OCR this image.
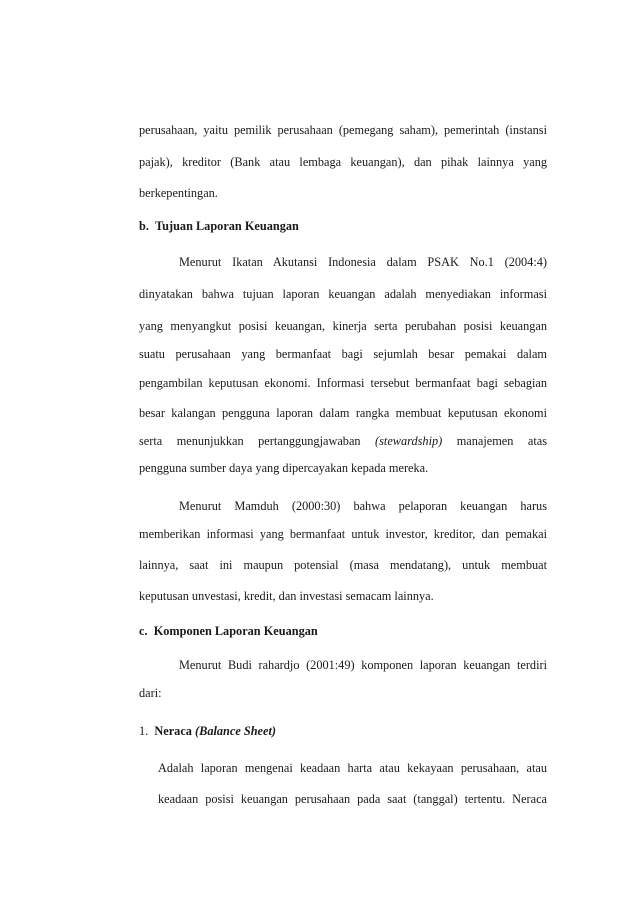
perusahaan, yaitu pemilik perusahaan (pemegang saham), pemerintah (instansi
pajak), kreditor (Bank atau lembaga keuangan), dan pihak lainnya yang
berkepentingan.
b. Tujuan Laporan Keuangan
Menurut Ikatan Akutansi Indonesia dalam PSAK No.1 (2004:4)
dinyatakan bahwa tujuan laporan keuangan adalah menyediakan informasi
yang menyangkut posisi keuangan, kinerja serta perubahan posisi keuangan
suatu perusahaan yang bermanfaat bagi sejumlah besar pemakai dalam
pengambilan keputusan ekonomi. Informasi tersebut bermanfaat bagi sebagian
besar kalangan pengguna laporan dalam rangka membuat keputusan ekonomi
serta menunjukkan pertanggungjawaban (stewardship) manajemen atas
pengguna sumber daya yang dipercayakan kepada mereka.
Menurut Mamduh (2000:30) bahwa pelaporan keuangan harus
memberikan informasi yang bermanfaat untuk investor, kreditor, dan pemakai
lainnya, saat ini maupun potensial (masa mendatang), untuk membuat
keputusan unvestasi, kredit, dan investasi semacam lainnya.
c. Komponen Laporan Keuangan
Menurut Budi rahardjo (2001:49) komponen laporan keuangan terdiri
dari:
1. Neraca (Balance Sheet)
Adalah laporan mengenai keadaan harta atau kekayaan perusahaan, atau
keadaan posisi keuangan perusahaan pada saat (tanggal) tertentu. Neraca
